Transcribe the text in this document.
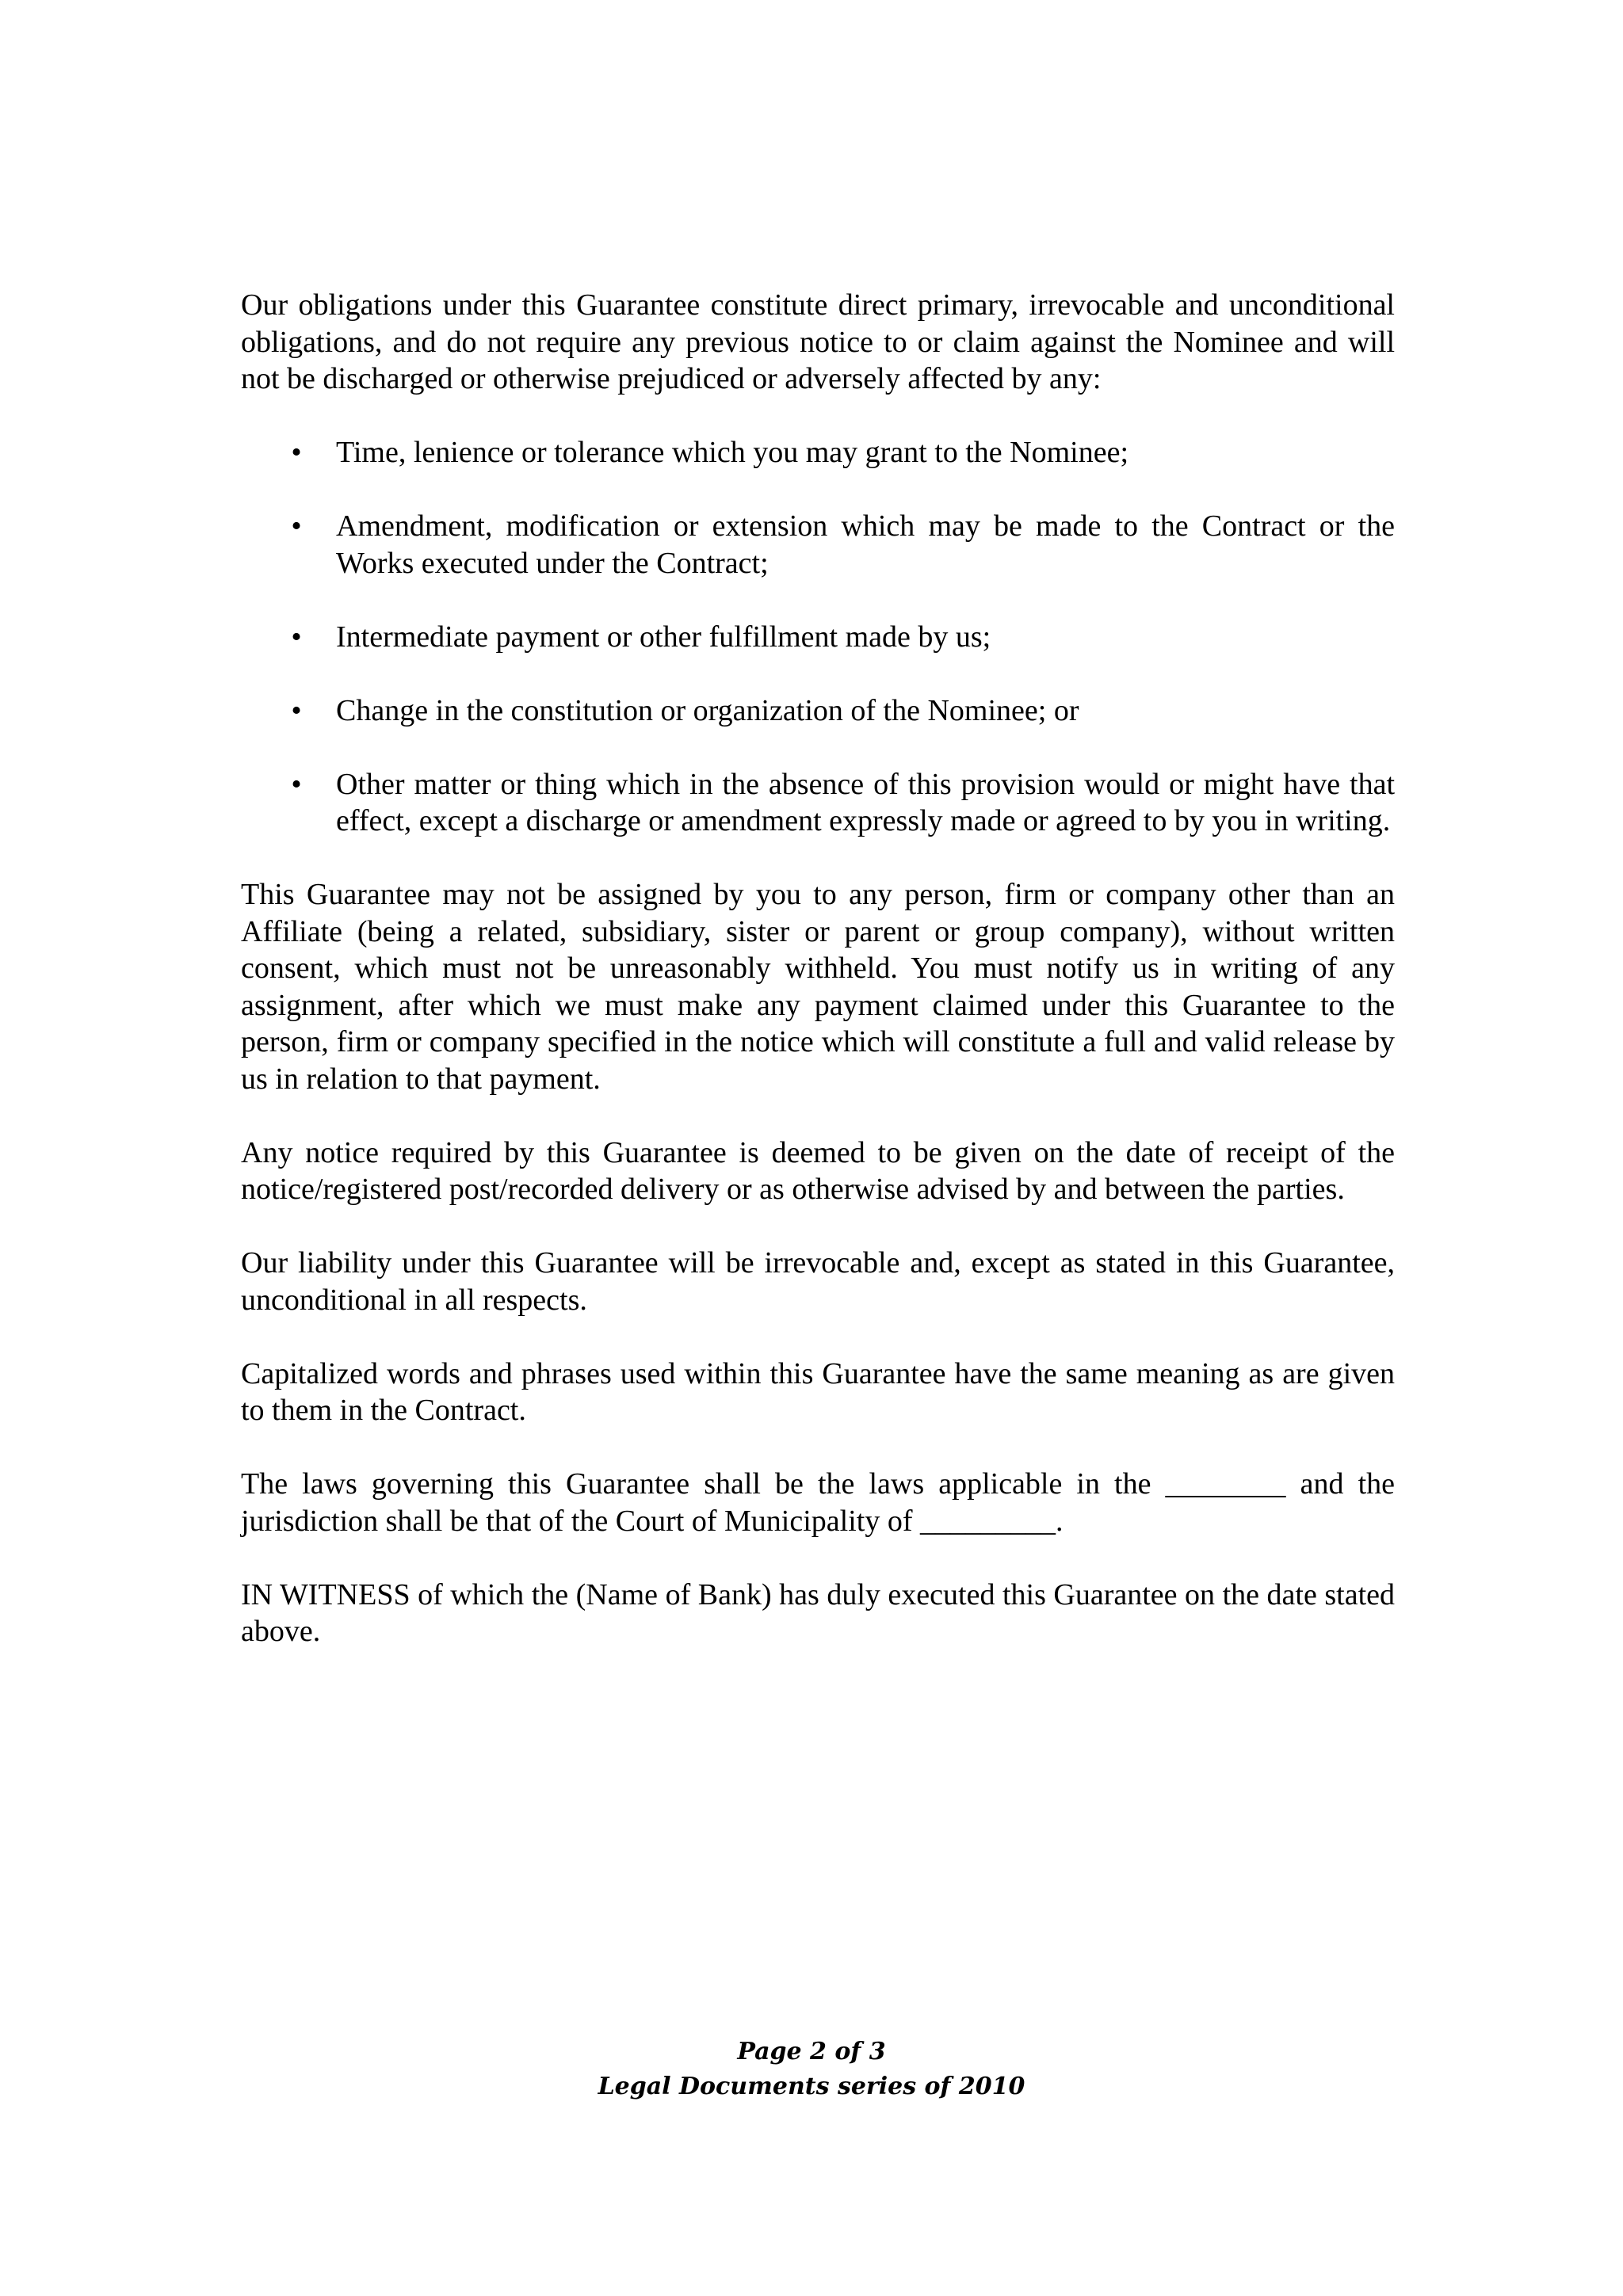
Our obligations under this Guarantee constitute direct primary, irrevocable and unconditional obligations, and do not require any previous notice to or claim against the Nominee and will not be discharged or otherwise prejudiced or adversely affected by any:

• Time, lenience or tolerance which you may grant to the Nominee;
• Amendment, modification or extension which may be made to the Contract or the Works executed under the Contract;
• Intermediate payment or other fulfillment made by us;
• Change in the constitution or organization of the Nominee; or
• Other matter or thing which in the absence of this provision would or might have that effect, except a discharge or amendment expressly made or agreed to by you in writing.

This Guarantee may not be assigned by you to any person, firm or company other than an Affiliate (being a related, subsidiary, sister or parent or group company), without written consent, which must not be unreasonably withheld. You must notify us in writing of any assignment, after which we must make any payment claimed under this Guarantee to the person, firm or company specified in the notice which will constitute a full and valid release by us in relation to that payment.

Any notice required by this Guarantee is deemed to be given on the date of receipt of the notice/registered post/recorded delivery or as otherwise advised by and between the parties.

Our liability under this Guarantee will be irrevocable and, except as stated in this Guarantee, unconditional in all respects.

Capitalized words and phrases used within this Guarantee have the same meaning as are given to them in the Contract.

The laws governing this Guarantee shall be the laws applicable in the ________ and the jurisdiction shall be that of the Court of Municipality of _________.

IN WITNESS of which the (Name of Bank) has duly executed this Guarantee on the date stated above.

Page 2 of 3
Legal Documents series of 2010
